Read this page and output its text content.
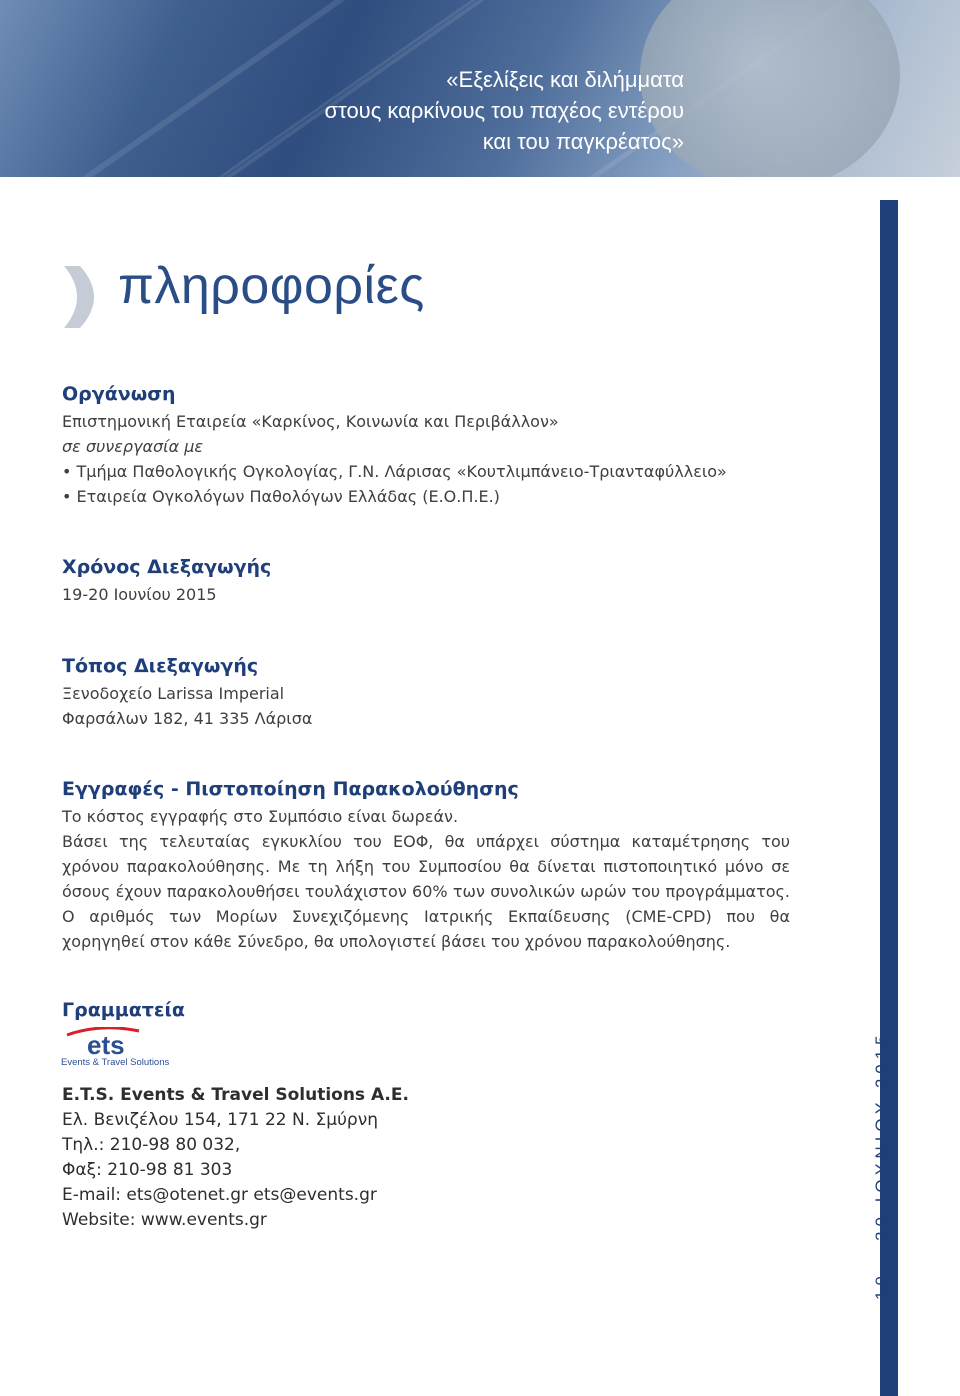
«Εξελίξεις και διλήμματα
στους καρκίνους του παχέος εντέρου
και του παγκρέατος»
19 - 20 ΙΟΥΝΙΟΥ 2015
7
πληροφορίες
Οργάνωση
Επιστημονική Εταιρεία «Καρκίνος, Κοινωνία και Περιβάλλον»
σε συνεργασία με
• Τμήμα Παθολογικής Ογκολογίας, Γ.Ν. Λάρισας «Κουτλιμπάνειο-Τριανταφύλλειο»
• Εταιρεία Ογκολόγων Παθολόγων Ελλάδας (Ε.Ο.Π.Ε.)
Χρόνος Διεξαγωγής
19-20 Ιουνίου 2015
Τόπος Διεξαγωγής
Ξενοδοχείο Larissa Imperial
Φαρσάλων 182, 41 335 Λάρισα
Εγγραφές - Πιστοποίηση Παρακολούθησης
Το κόστος εγγραφής στο Συμπόσιο είναι δωρεάν.
Βάσει της τελευταίας εγκυκλίου του ΕΟΦ, θα υπάρχει σύστημα καταμέτρησης του χρόνου παρακολούθησης. Με τη λήξη του Συμποσίου θα δίνεται πιστοποιητικό μόνο σε όσους έχουν παρακολουθήσει τουλάχιστον 60% των συνολικών ωρών του προγράμματος. Ο αριθμός των Μορίων Συνεχιζόμενης Ιατρικής Εκπαίδευσης (CME-CPD) που θα χορηγηθεί στον κάθε Σύνεδρο, θα υπολογιστεί βάσει του χρόνου παρακολούθησης.
Γραμματεία
ets
Events & Travel Solutions
E.T.S. Events & Travel Solutions A.E.
Ελ. Βενιζέλου 154, 171 22 Ν. Σμύρνη
Τηλ.: 210-98 80 032,
Φαξ: 210-98 81 303
E-mail: ets@otenet.gr ets@events.gr
Website: www.events.gr
